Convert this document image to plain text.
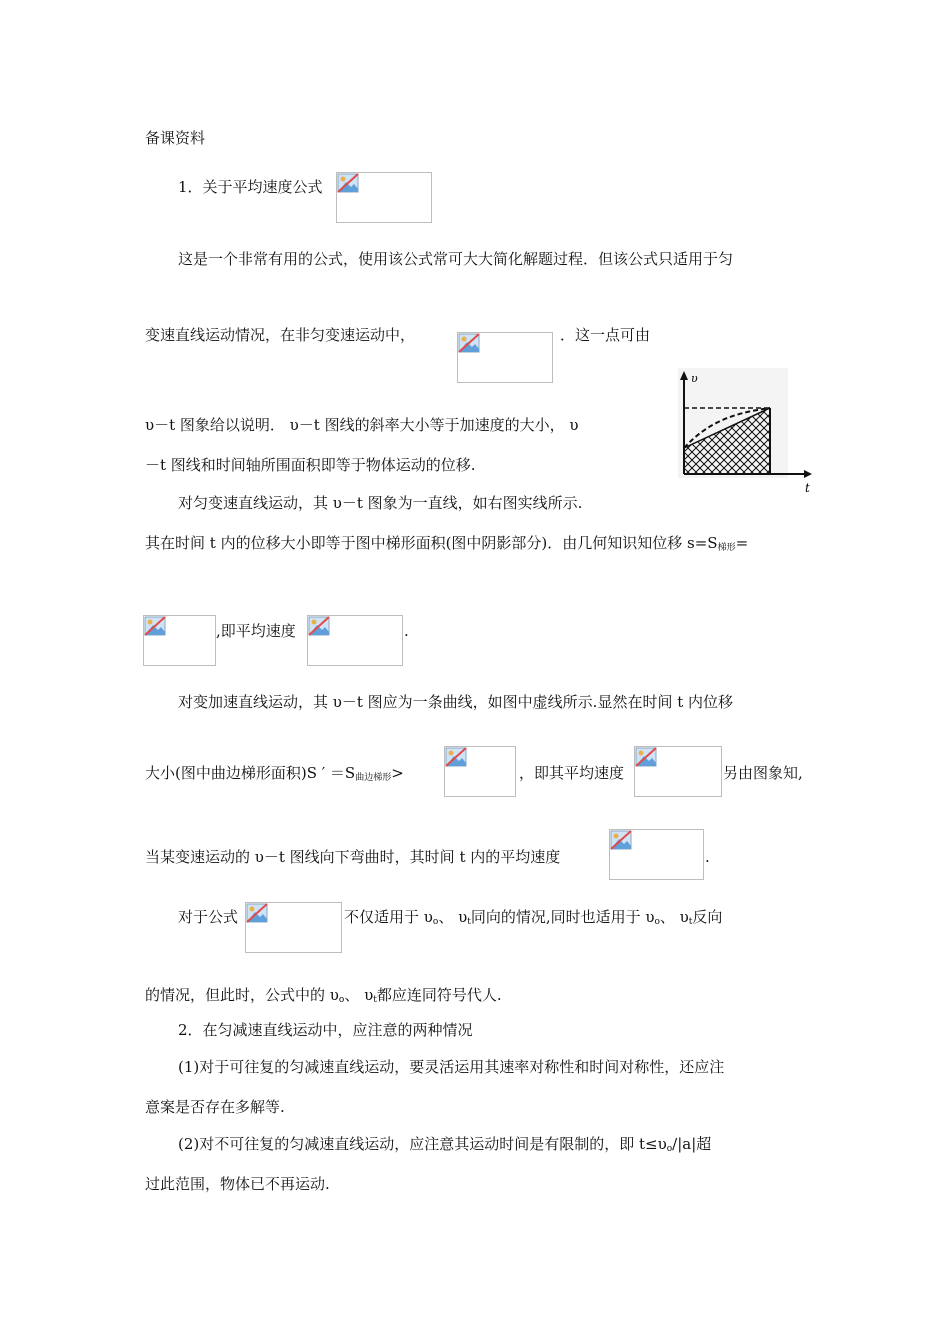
备课资料
1．关于平均速度公式
这是一个非常有用的公式，使用该公式常可大大简化解题过程．但该公式只适用于匀
变速直线运动情况，在非匀变速运动中，	．这一点可由
υ－t 图象给以说明． υ－t 图线的斜率大小等于加速度的大小， υ
－t 图线和时间轴所围面积即等于物体运动的位移.
对匀变速直线运动，其 υ－t 图象为一直线，如右图实线所示.
其在时间 t 内的位移大小即等于图中梯形面积(图中阴影部分)．由几何知识知位移 $s=S_{梯形}=$
,即平均速度	.
对变加速直线运动，其 υ－t 图应为一条曲线，如图中虚线所示.显然在时间 t 内位移
大小(图中曲边梯形面积)S ′ $=S_{曲边梯形}>$	，即其平均速度	另由图象知,
当某变速运动的 υ－t 图线向下弯曲时，其时间 t 内的平均速度	.
对于公式	不仅适用于 $\upsilon_o$、 $\upsilon_t$同向的情况,同时也适用于 $\upsilon_o$、 $\upsilon_t$反向
的情况，但此时，公式中的 $\upsilon_o$、 $\upsilon_t$都应连同符号代人.
2．在匀减速直线运动中，应注意的两种情况
(1)对于可往复的匀减速直线运动，要灵活运用其速率对称性和时间对称性，还应注
意案是否存在多解等.
(2)对不可往复的匀减速直线运动，应注意其运动时间是有限制的，即 $t\le\upsilon_o/|a|$超
过此范围，物体已不再运动.
υ
t
